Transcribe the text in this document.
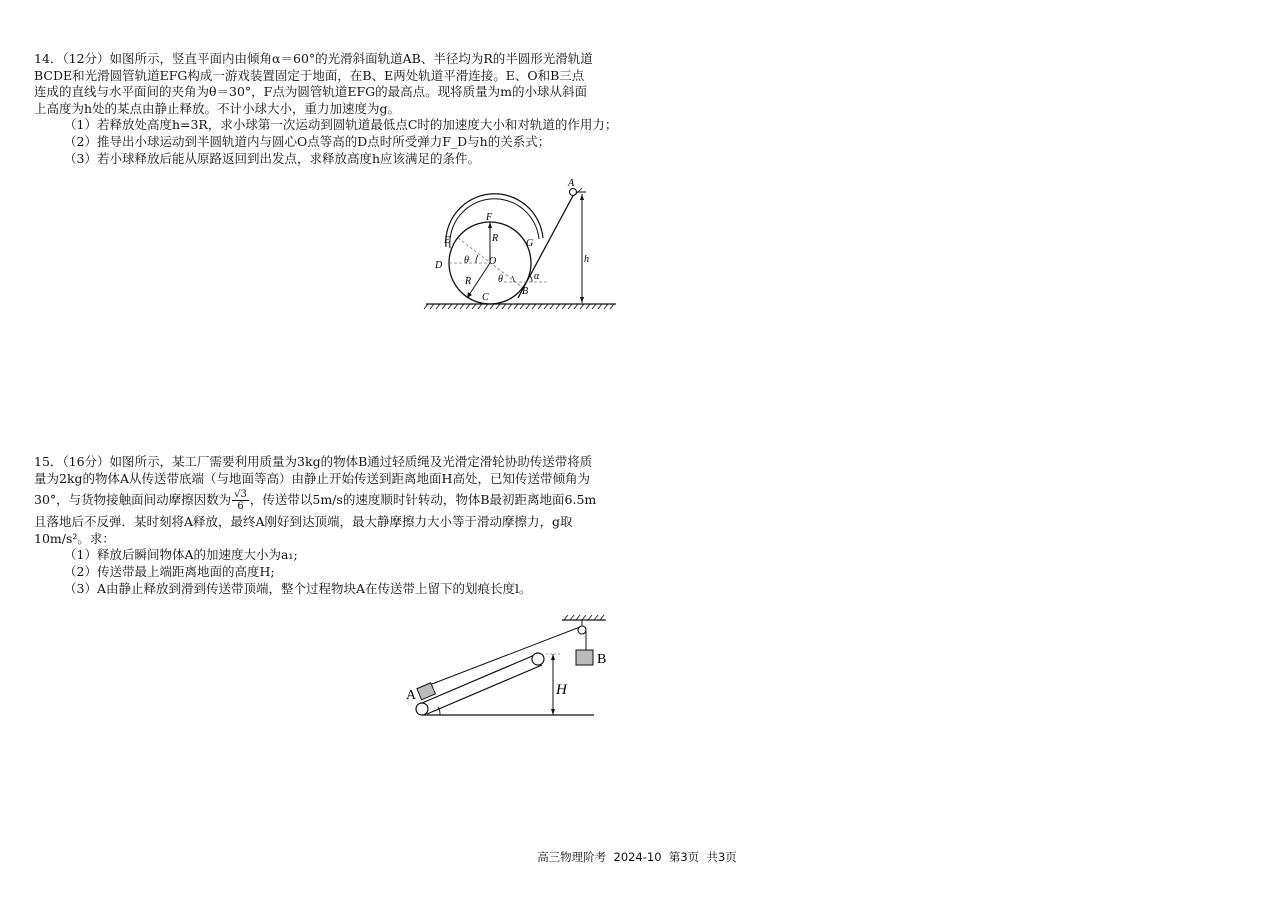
14．（12分）如图所示，竖直平面内由倾角α＝60°的光滑斜面轨道AB、半径均为R的半圆形光滑轨道

BCDE和光滑圆管轨道EFG构成一游戏装置固定于地面，在B、E两处轨道平滑连接。E、O和B三点

连成的直线与水平面间的夹角为θ＝30°，F点为圆管轨道EFG的最高点。现将质量为m的小球从斜面

上高度为h处的某点由静止释放。不计小球大小，重力加速度为g。

（1）若释放处高度h=3R，求小球第一次运动到圆轨道最低点C时的加速度大小和对轨道的作用力；

（2）推导出小球运动到半圆轨道内与圆心O点等高的D点时所受弹力F_D与h的关系式；

（3）若小球释放后能从原路返回到出发点，求释放高度h应该满足的条件。

A
F
E	G
R
D θ O
R	θ	α
h
B
C

15．（16分）如图所示，某工厂需要利用质量为3kg的物体B通过轻质绳及光滑定滑轮协助传送带将质

量为2kg的物体A从传送带底端（与地面等高）由静止开始传送到距离地面H高处，已知传送带倾角为

30°，与货物接触面间动摩擦因数为 $\frac{√3}{6}$ ，传送带以5m/s的速度顺时针转动，物体B最初距离地面6.5m

且落地后不反弹．某时刻将A释放，最终A刚好到达顶端，最大静摩擦力大小等于滑动摩擦力，g取

10m/s²。求：

（1）释放后瞬间物体A的加速度大小为a₁;

（2）传送带最上端距离地面的高度H;

（3）A由静止释放到滑到传送带顶端，整个过程物块A在传送带上留下的划痕长度l。

B
A	H
高三物理阶考  2024-10  第3页  共3页
